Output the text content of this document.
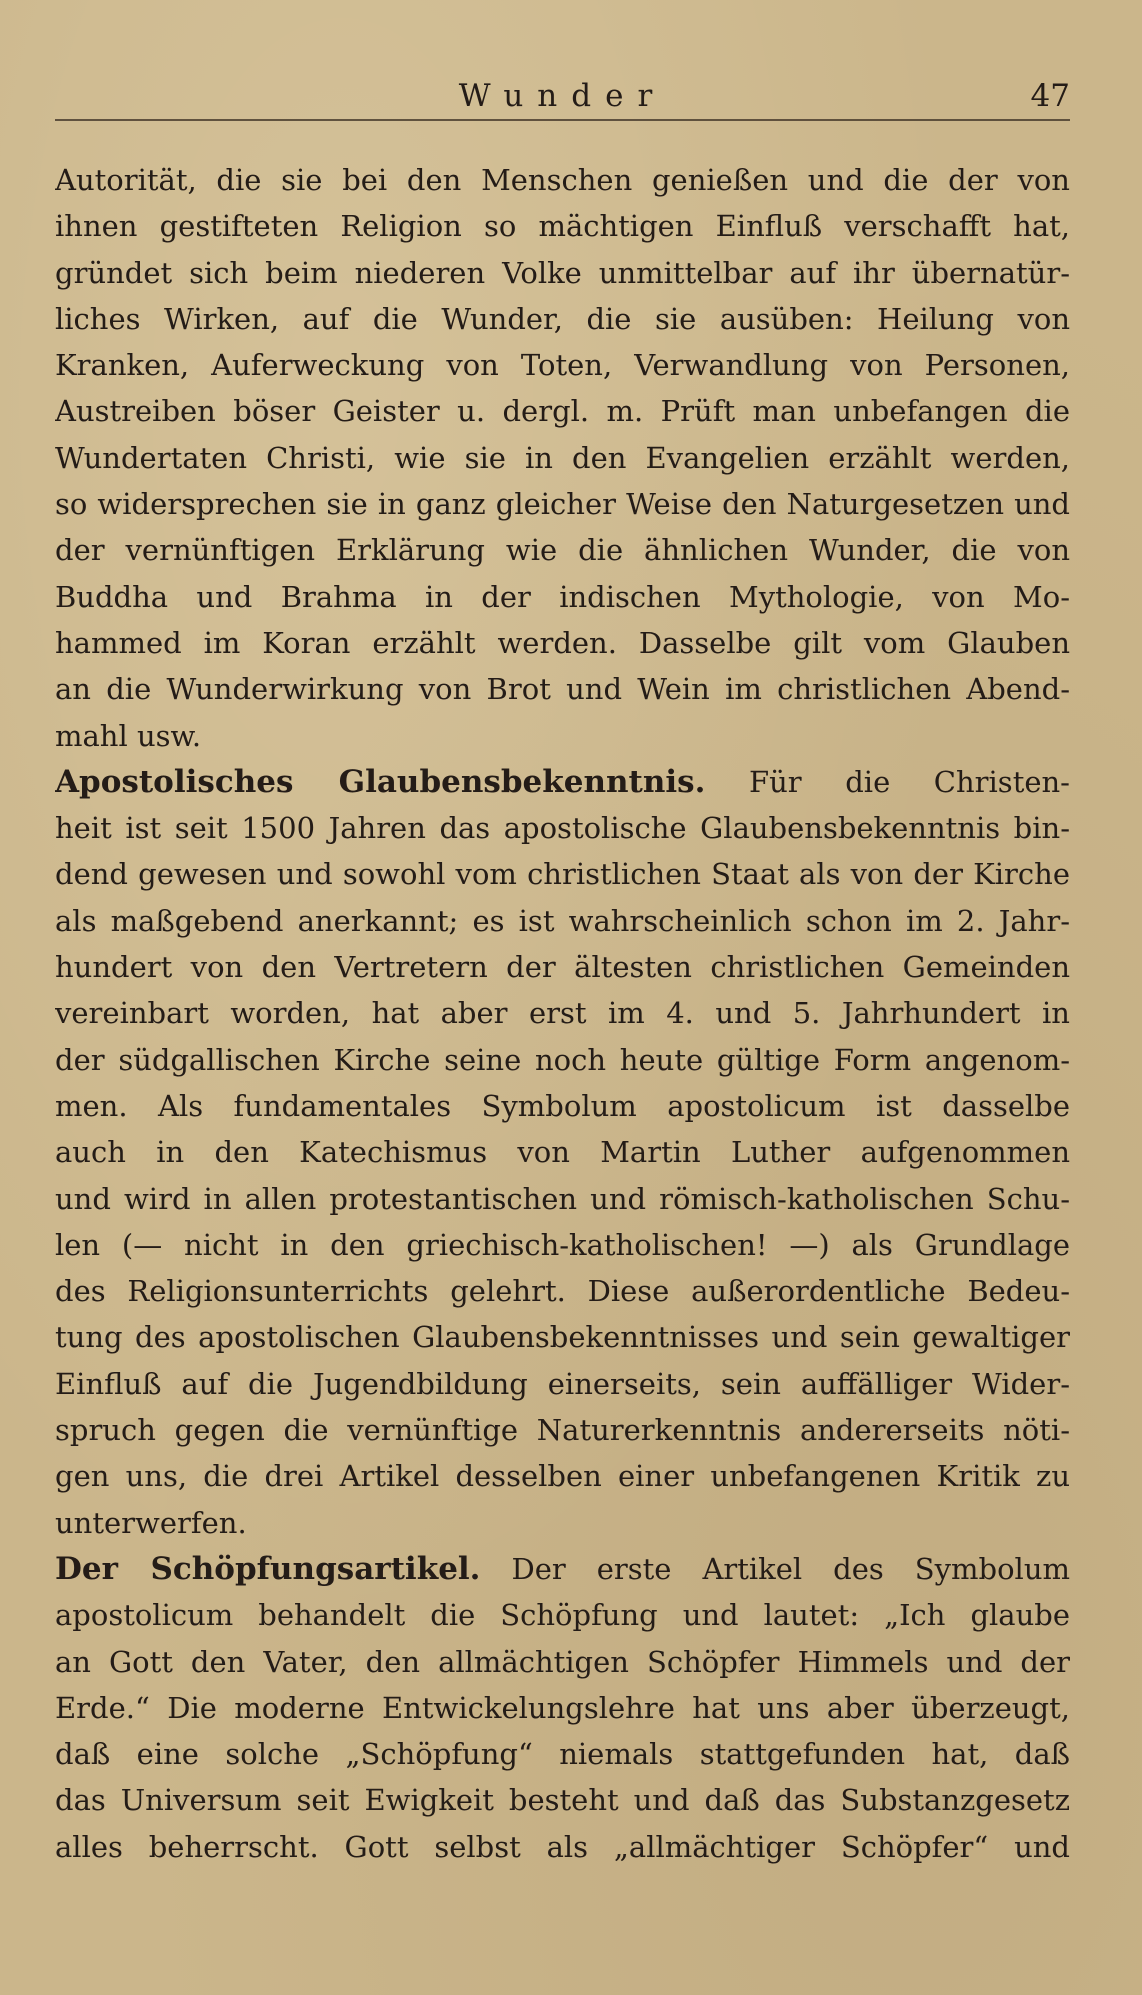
Wunder	47
Autorität, die sie bei den Menschen genießen und die der von
ihnen gestifteten Religion so mächtigen Einfluß verschafft hat,
gründet sich beim niederen Volke unmittelbar auf ihr übernatür-
liches Wirken, auf die Wunder, die sie ausüben: Heilung von
Kranken, Auferweckung von Toten, Verwandlung von Personen,
Austreiben böser Geister u. dergl. m. Prüft man unbefangen die
Wundertaten Christi, wie sie in den Evangelien erzählt werden,
so widersprechen sie in ganz gleicher Weise den Naturgesetzen und
der vernünftigen Erklärung wie die ähnlichen Wunder, die von
Buddha und Brahma in der indischen Mythologie, von Mo-
hammed im Koran erzählt werden. Dasselbe gilt vom Glauben
an die Wunderwirkung von Brot und Wein im christlichen Abend-
mahl usw.
Apostolisches Glaubensbekenntnis. Für die Christen-
heit ist seit 1500 Jahren das apostolische Glaubensbekenntnis bin-
dend gewesen und sowohl vom christlichen Staat als von der Kirche
als maßgebend anerkannt; es ist wahrscheinlich schon im 2. Jahr-
hundert von den Vertretern der ältesten christlichen Gemeinden
vereinbart worden, hat aber erst im 4. und 5. Jahrhundert in
der südgallischen Kirche seine noch heute gültige Form angenom-
men. Als fundamentales Symbolum apostolicum ist dasselbe
auch in den Katechismus von Martin Luther aufgenommen
und wird in allen protestantischen und römisch-katholischen Schu-
len (— nicht in den griechisch-katholischen! —) als Grundlage
des Religionsunterrichts gelehrt. Diese außerordentliche Bedeu-
tung des apostolischen Glaubensbekenntnisses und sein gewaltiger
Einfluß auf die Jugendbildung einerseits, sein auffälliger Wider-
spruch gegen die vernünftige Naturerkenntnis andererseits nöti-
gen uns, die drei Artikel desselben einer unbefangenen Kritik zu
unterwerfen.
Der Schöpfungsartikel. Der erste Artikel des Symbolum
apostolicum behandelt die Schöpfung und lautet: „Ich glaube
an Gott den Vater, den allmächtigen Schöpfer Himmels und der
Erde.“ Die moderne Entwickelungslehre hat uns aber überzeugt,
daß eine solche „Schöpfung“ niemals stattgefunden hat, daß
das Universum seit Ewigkeit besteht und daß das Substanzgesetz
alles beherrscht. Gott selbst als „allmächtiger Schöpfer“ und
